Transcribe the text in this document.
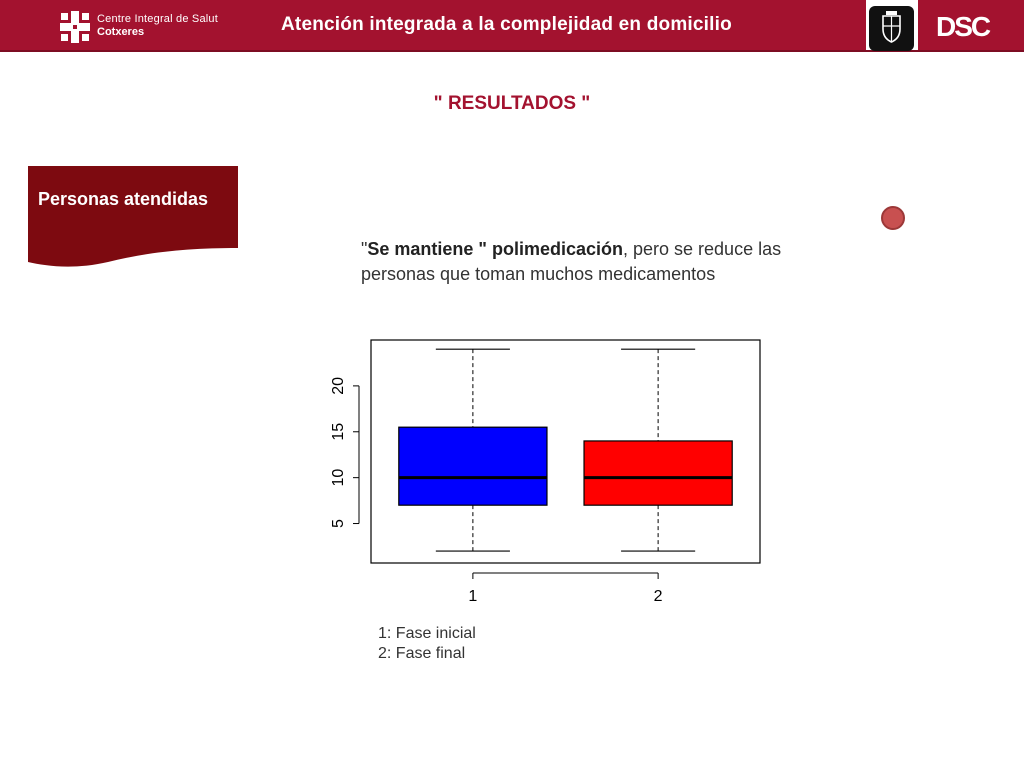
Centre Integral de Salut
Cotxeres	Atención integrada a la complejidad en domicilio	DSC
" RESULTADOS "
Personas atendidas
"Se mantiene " polimedicación, pero se reduce las personas que toman muchos medicamentos
5
10
15
20
1	2
1: Fase inicial
2: Fase final
